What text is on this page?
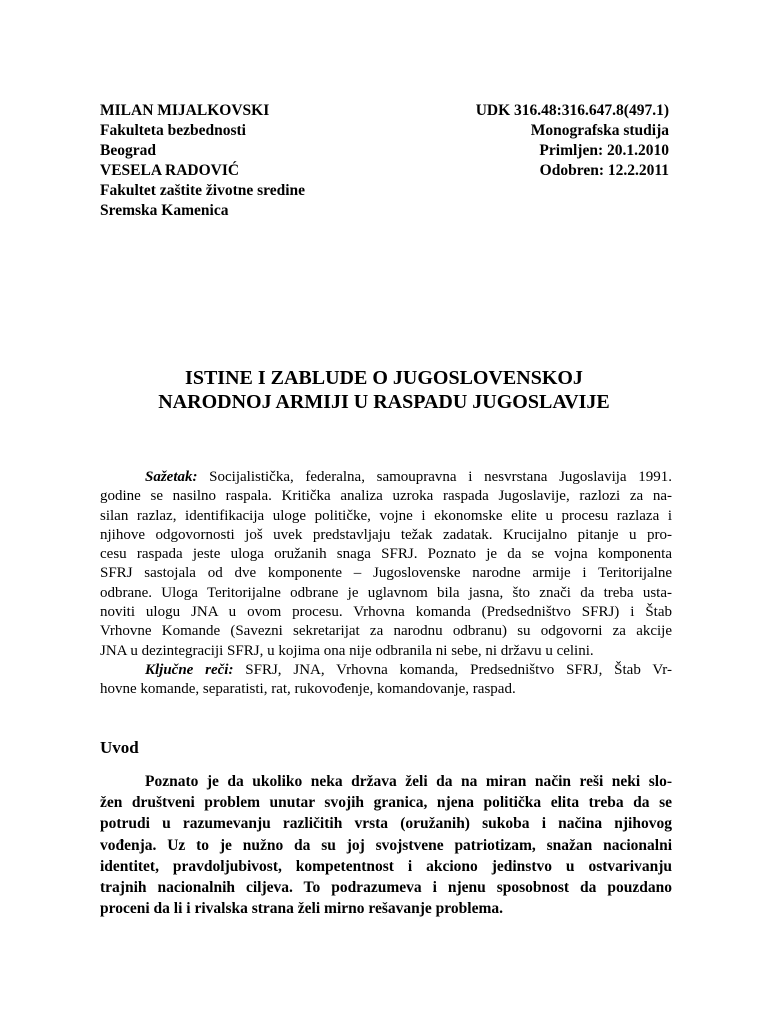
MILAN MIJALKOVSKI
Fakulteta bezbednosti
Beograd
VESELA RADOVIĆ
Fakultet zaštite životne sredine
Sremska Kamenica
UDK 316.48:316.647.8(497.1)
Monografska studija
Primljen: 20.1.2010
Odobren: 12.2.2011
ISTINE I ZABLUDE O JUGOSLOVENSKOJ
NARODNOJ ARMIJI U RASPADU JUGOSLAVIJE
Sažetak: Socijalistička, federalna, samoupravna i nesvrstana Jugoslavija 1991.
godine se nasilno raspala. Kritička analiza uzroka raspada Jugoslavije, razlozi za na-
silan razlaz, identifikacija uloge političke, vojne i ekonomske elite u procesu razlaza i
njihove odgovornosti još uvek predstavljaju težak zadatak. Krucijalno pitanje u pro-
cesu raspada jeste uloga oružanih snaga SFRJ. Poznato je da se vojna komponenta
SFRJ sastojala od dve komponente – Jugoslovenske narodne armije i Teritorijalne
odbrane. Uloga Teritorijalne odbrane je uglavnom bila jasna, što znači da treba usta-
noviti ulogu JNA u ovom procesu. Vrhovna komanda (Predsedništvo SFRJ) i Štab
Vrhovne Komande (Savezni sekretarijat za narodnu odbranu) su odgovorni za akcije
JNA u dezintegraciji SFRJ, u kojima ona nije odbranila ni sebe, ni državu u celini.
Ključne reči: SFRJ, JNA, Vrhovna komanda, Predsedništvo SFRJ, Štab Vr-
hovne komande, separatisti, rat, rukovođenje, komandovanje, raspad.
Uvod
Poznato je da ukoliko neka država želi da na miran način reši neki slo-
žen društveni problem unutar svojih granica, njena politička elita treba da se
potrudi u razumevanju različitih vrsta (oružanih) sukoba i načina njihovog
vođenja. Uz to je nužno da su joj svojstvene patriotizam, snažan nacionalni
identitet, pravdoljubivost, kompetentnost i akciono jedinstvo u ostvarivanju
trajnih nacionalnih ciljeva. To podrazumeva i njenu sposobnost da pouzdano
proceni da li i rivalska strana želi mirno rešavanje problema.
